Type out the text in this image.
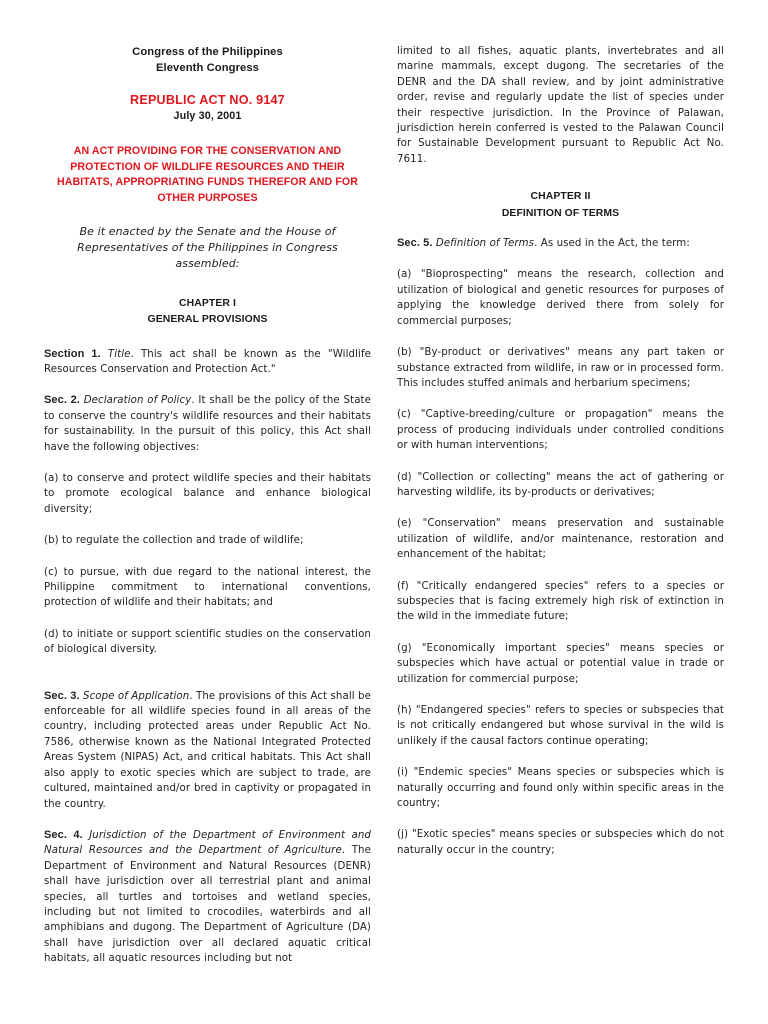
Congress of the Philippines

Eleventh Congress

REPUBLIC ACT NO. 9147

July 30, 2001

AN ACT PROVIDING FOR THE CONSERVATION AND PROTECTION OF WILDLIFE RESOURCES AND THEIR HABITATS, APPROPRIATING FUNDS THEREFOR AND FOR OTHER PURPOSES

Be it enacted by the Senate and the House of Representatives of the Philippines in Congress assembled:

CHAPTER I
GENERAL PROVISIONS

Section 1. Title. This act shall be known as the "Wildlife Resources Conservation and Protection Act."

Sec. 2. Declaration of Policy. It shall be the policy of the State to conserve the country's wildlife resources and their habitats for sustainability. In the pursuit of this policy, this Act shall have the following objectives:

(a) to conserve and protect wildlife species and their habitats to promote ecological balance and enhance biological diversity;

(b) to regulate the collection and trade of wildlife;

(c) to pursue, with due regard to the national interest, the Philippine commitment to international conventions, protection of wildlife and their habitats; and

(d) to initiate or support scientific studies on the conservation of biological diversity.

Sec. 3. Scope of Application. The provisions of this Act shall be enforceable for all wildlife species found in all areas of the country, including protected areas under Republic Act No. 7586, otherwise known as the National Integrated Protected Areas System (NIPAS) Act, and critical habitats. This Act shall also apply to exotic species which are subject to trade, are cultured, maintained and/or bred in captivity or propagated in the country.

Sec. 4. Jurisdiction of the Department of Environment and Natural Resources and the Department of Agriculture. The Department of Environment and Natural Resources (DENR) shall have jurisdiction over all terrestrial plant and animal species, all turtles and tortoises and wetland species, including but not limited to crocodiles, waterbirds and all amphibians and dugong. The Department of Agriculture (DA) shall have jurisdiction over all declared aquatic critical habitats, all aquatic resources including but not

limited to all fishes, aquatic plants, invertebrates and all marine mammals, except dugong. The secretaries of the DENR and the DA shall review, and by joint administrative order, revise and regularly update the list of species under their respective jurisdiction. In the Province of Palawan, jurisdiction herein conferred is vested to the Palawan Council for Sustainable Development pursuant to Republic Act No. 7611.

CHAPTER II
DEFINITION OF TERMS

Sec. 5. Definition of Terms. As used in the Act, the term:

(a) "Bioprospecting" means the research, collection and utilization of biological and genetic resources for purposes of applying the knowledge derived there from solely for commercial purposes;

(b) "By-product or derivatives" means any part taken or substance extracted from wildlife, in raw or in processed form. This includes stuffed animals and herbarium specimens;

(c) "Captive-breeding/culture or propagation" means the process of producing individuals under controlled conditions or with human interventions;

(d) "Collection or collecting" means the act of gathering or harvesting wildlife, its by-products or derivatives;

(e) "Conservation" means preservation and sustainable utilization of wildlife, and/or maintenance, restoration and enhancement of the habitat;

(f) "Critically endangered species" refers to a species or subspecies that is facing extremely high risk of extinction in the wild in the immediate future;

(g) "Economically important species" means species or subspecies which have actual or potential value in trade or utilization for commercial purpose;

(h) "Endangered species" refers to species or subspecies that is not critically endangered but whose survival in the wild is unlikely if the causal factors continue operating;

(i) "Endemic species" Means species or subspecies which is naturally occurring and found only within specific areas in the country;

(j) "Exotic species" means species or subspecies which do not naturally occur in the country;
